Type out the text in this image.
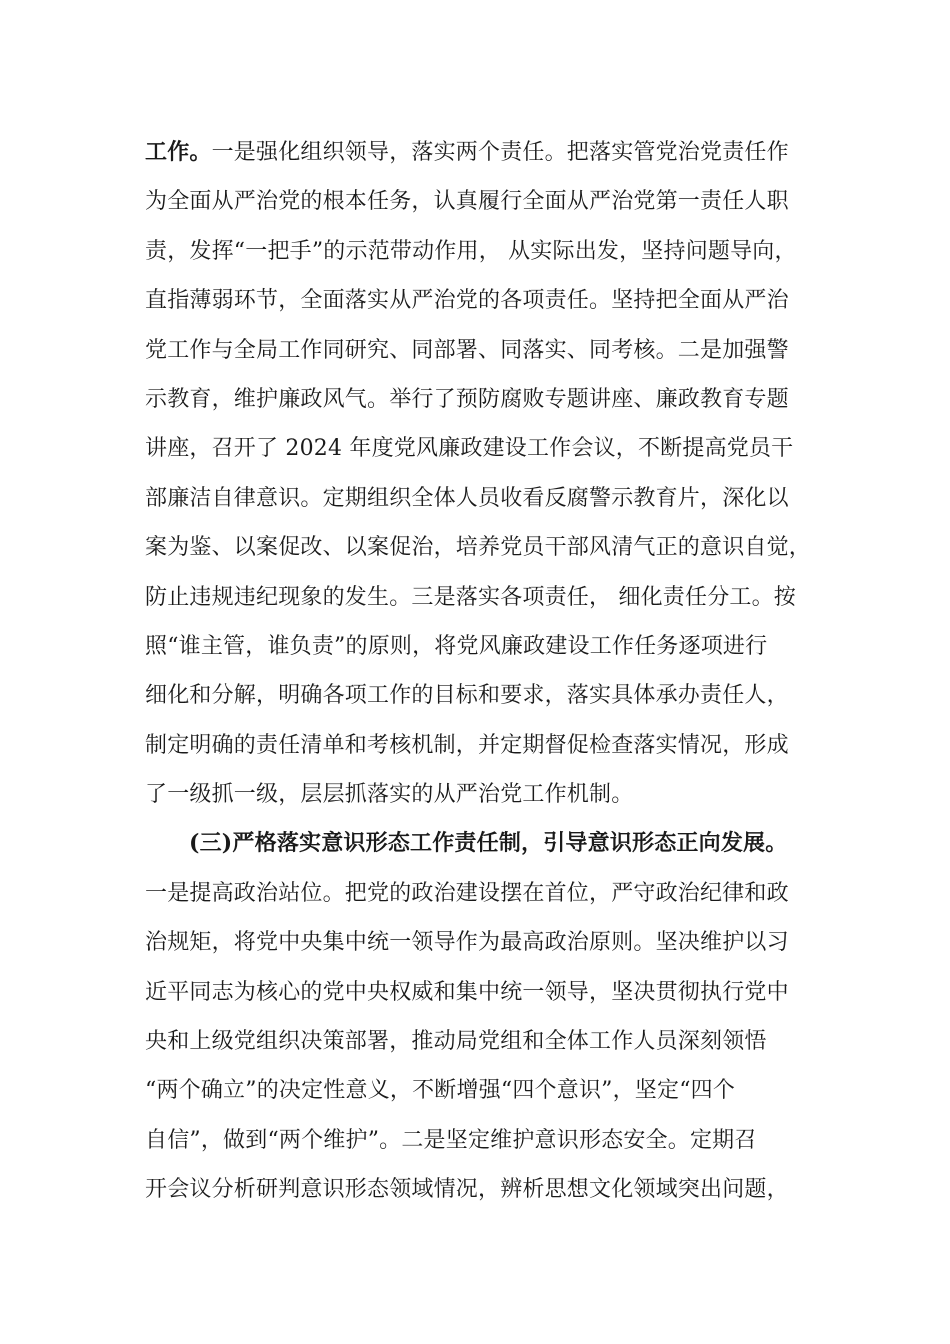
工作。一是强化组织领导，落实两个责任。把落实管党治党责任作
为全面从严治党的根本任务，认真履行全面从严治党第一责任人职
责，发挥“一把手”的示范带动作用， 从实际出发，坚持问题导向，
直指薄弱环节，全面落实从严治党的各项责任。坚持把全面从严治
党工作与全局工作同研究、同部署、同落实、同考核。二是加强警
示教育，维护廉政风气。举行了预防腐败专题讲座、廉政教育专题
讲座，召开了 2024 年度党风廉政建设工作会议，不断提高党员干
部廉洁自律意识。定期组织全体人员收看反腐警示教育片，深化以
案为鉴、以案促改、以案促治，培养党员干部风清气正的意识自觉，
防止违规违纪现象的发生。三是落实各项责任， 细化责任分工。按
照“谁主管，谁负责”的原则，将党风廉政建设工作任务逐项进行
细化和分解，明确各项工作的目标和要求，落实具体承办责任人，
制定明确的责任清单和考核机制，并定期督促检查落实情况，形成
了一级抓一级，层层抓落实的从严治党工作机制。
(三)严格落实意识形态工作责任制，引导意识形态正向发展。
一是提高政治站位。把党的政治建设摆在首位，严守政治纪律和政
治规矩，将党中央集中统一领导作为最高政治原则。坚决维护以习
近平同志为核心的党中央权威和集中统一领导，坚决贯彻执行党中
央和上级党组织决策部署，推动局党组和全体工作人员深刻领悟
“两个确立”的决定性意义，不断增强“四个意识”，坚定“四个
自信”，做到“两个维护”。二是坚定维护意识形态安全。定期召
开会议分析研判意识形态领域情况，辨析思想文化领域突出问题，
